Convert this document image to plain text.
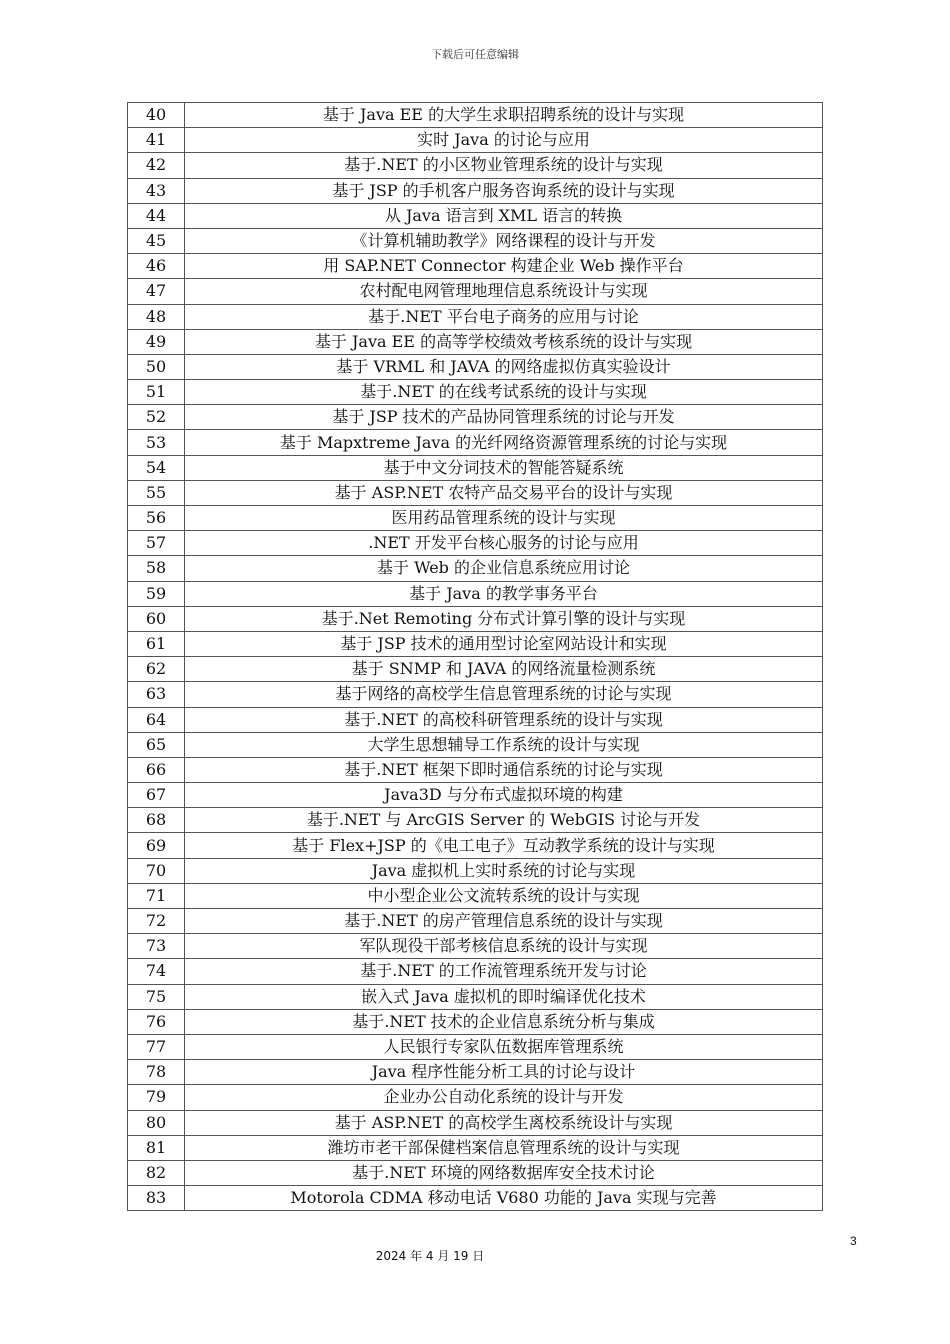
下载后可任意编辑
40	基于 Java EE 的大学生求职招聘系统的设计与实现
41	实时 Java 的讨论与应用
42	基于.NET 的小区物业管理系统的设计与实现
43	基于 JSP 的手机客户服务咨询系统的设计与实现
44	从 Java 语言到 XML 语言的转换
45	《计算机辅助教学》网络课程的设计与开发
46	用 SAP.NET Connector 构建企业 Web 操作平台
47	农村配电网管理地理信息系统设计与实现
48	基于.NET 平台电子商务的应用与讨论
49	基于 Java EE 的高等学校绩效考核系统的设计与实现
50	基于 VRML 和 JAVA 的网络虚拟仿真实验设计
51	基于.NET 的在线考试系统的设计与实现
52	基于 JSP 技术的产品协同管理系统的讨论与开发
53	基于 Mapxtreme Java 的光纤网络资源管理系统的讨论与实现
54	基于中文分词技术的智能答疑系统
55	基于 ASP.NET 农特产品交易平台的设计与实现
56	医用药品管理系统的设计与实现
57	.NET 开发平台核心服务的讨论与应用
58	基于 Web 的企业信息系统应用讨论
59	基于 Java 的教学事务平台
60	基于.Net Remoting 分布式计算引擎的设计与实现
61	基于 JSP 技术的通用型讨论室网站设计和实现
62	基于 SNMP 和 JAVA 的网络流量检测系统
63	基于网络的高校学生信息管理系统的讨论与实现
64	基于.NET 的高校科研管理系统的设计与实现
65	大学生思想辅导工作系统的设计与实现
66	基于.NET 框架下即时通信系统的讨论与实现
67	Java3D 与分布式虚拟环境的构建
68	基于.NET 与 ArcGIS Server 的 WebGIS 讨论与开发
69	基于 Flex+JSP 的《电工电子》互动教学系统的设计与实现
70	Java 虚拟机上实时系统的讨论与实现
71	中小型企业公文流转系统的设计与实现
72	基于.NET 的房产管理信息系统的设计与实现
73	军队现役干部考核信息系统的设计与实现
74	基于.NET 的工作流管理系统开发与讨论
75	嵌入式 Java 虚拟机的即时编译优化技术
76	基于.NET 技术的企业信息系统分析与集成
77	人民银行专家队伍数据库管理系统
78	Java 程序性能分析工具的讨论与设计
79	企业办公自动化系统的设计与开发
80	基于 ASP.NET 的高校学生离校系统设计与实现
81	潍坊市老干部保健档案信息管理系统的设计与实现
82	基于.NET 环境的网络数据库安全技术讨论
83	Motorola CDMA 移动电话 V680 功能的 Java 实现与完善
3
2024 年 4 月 19 日
